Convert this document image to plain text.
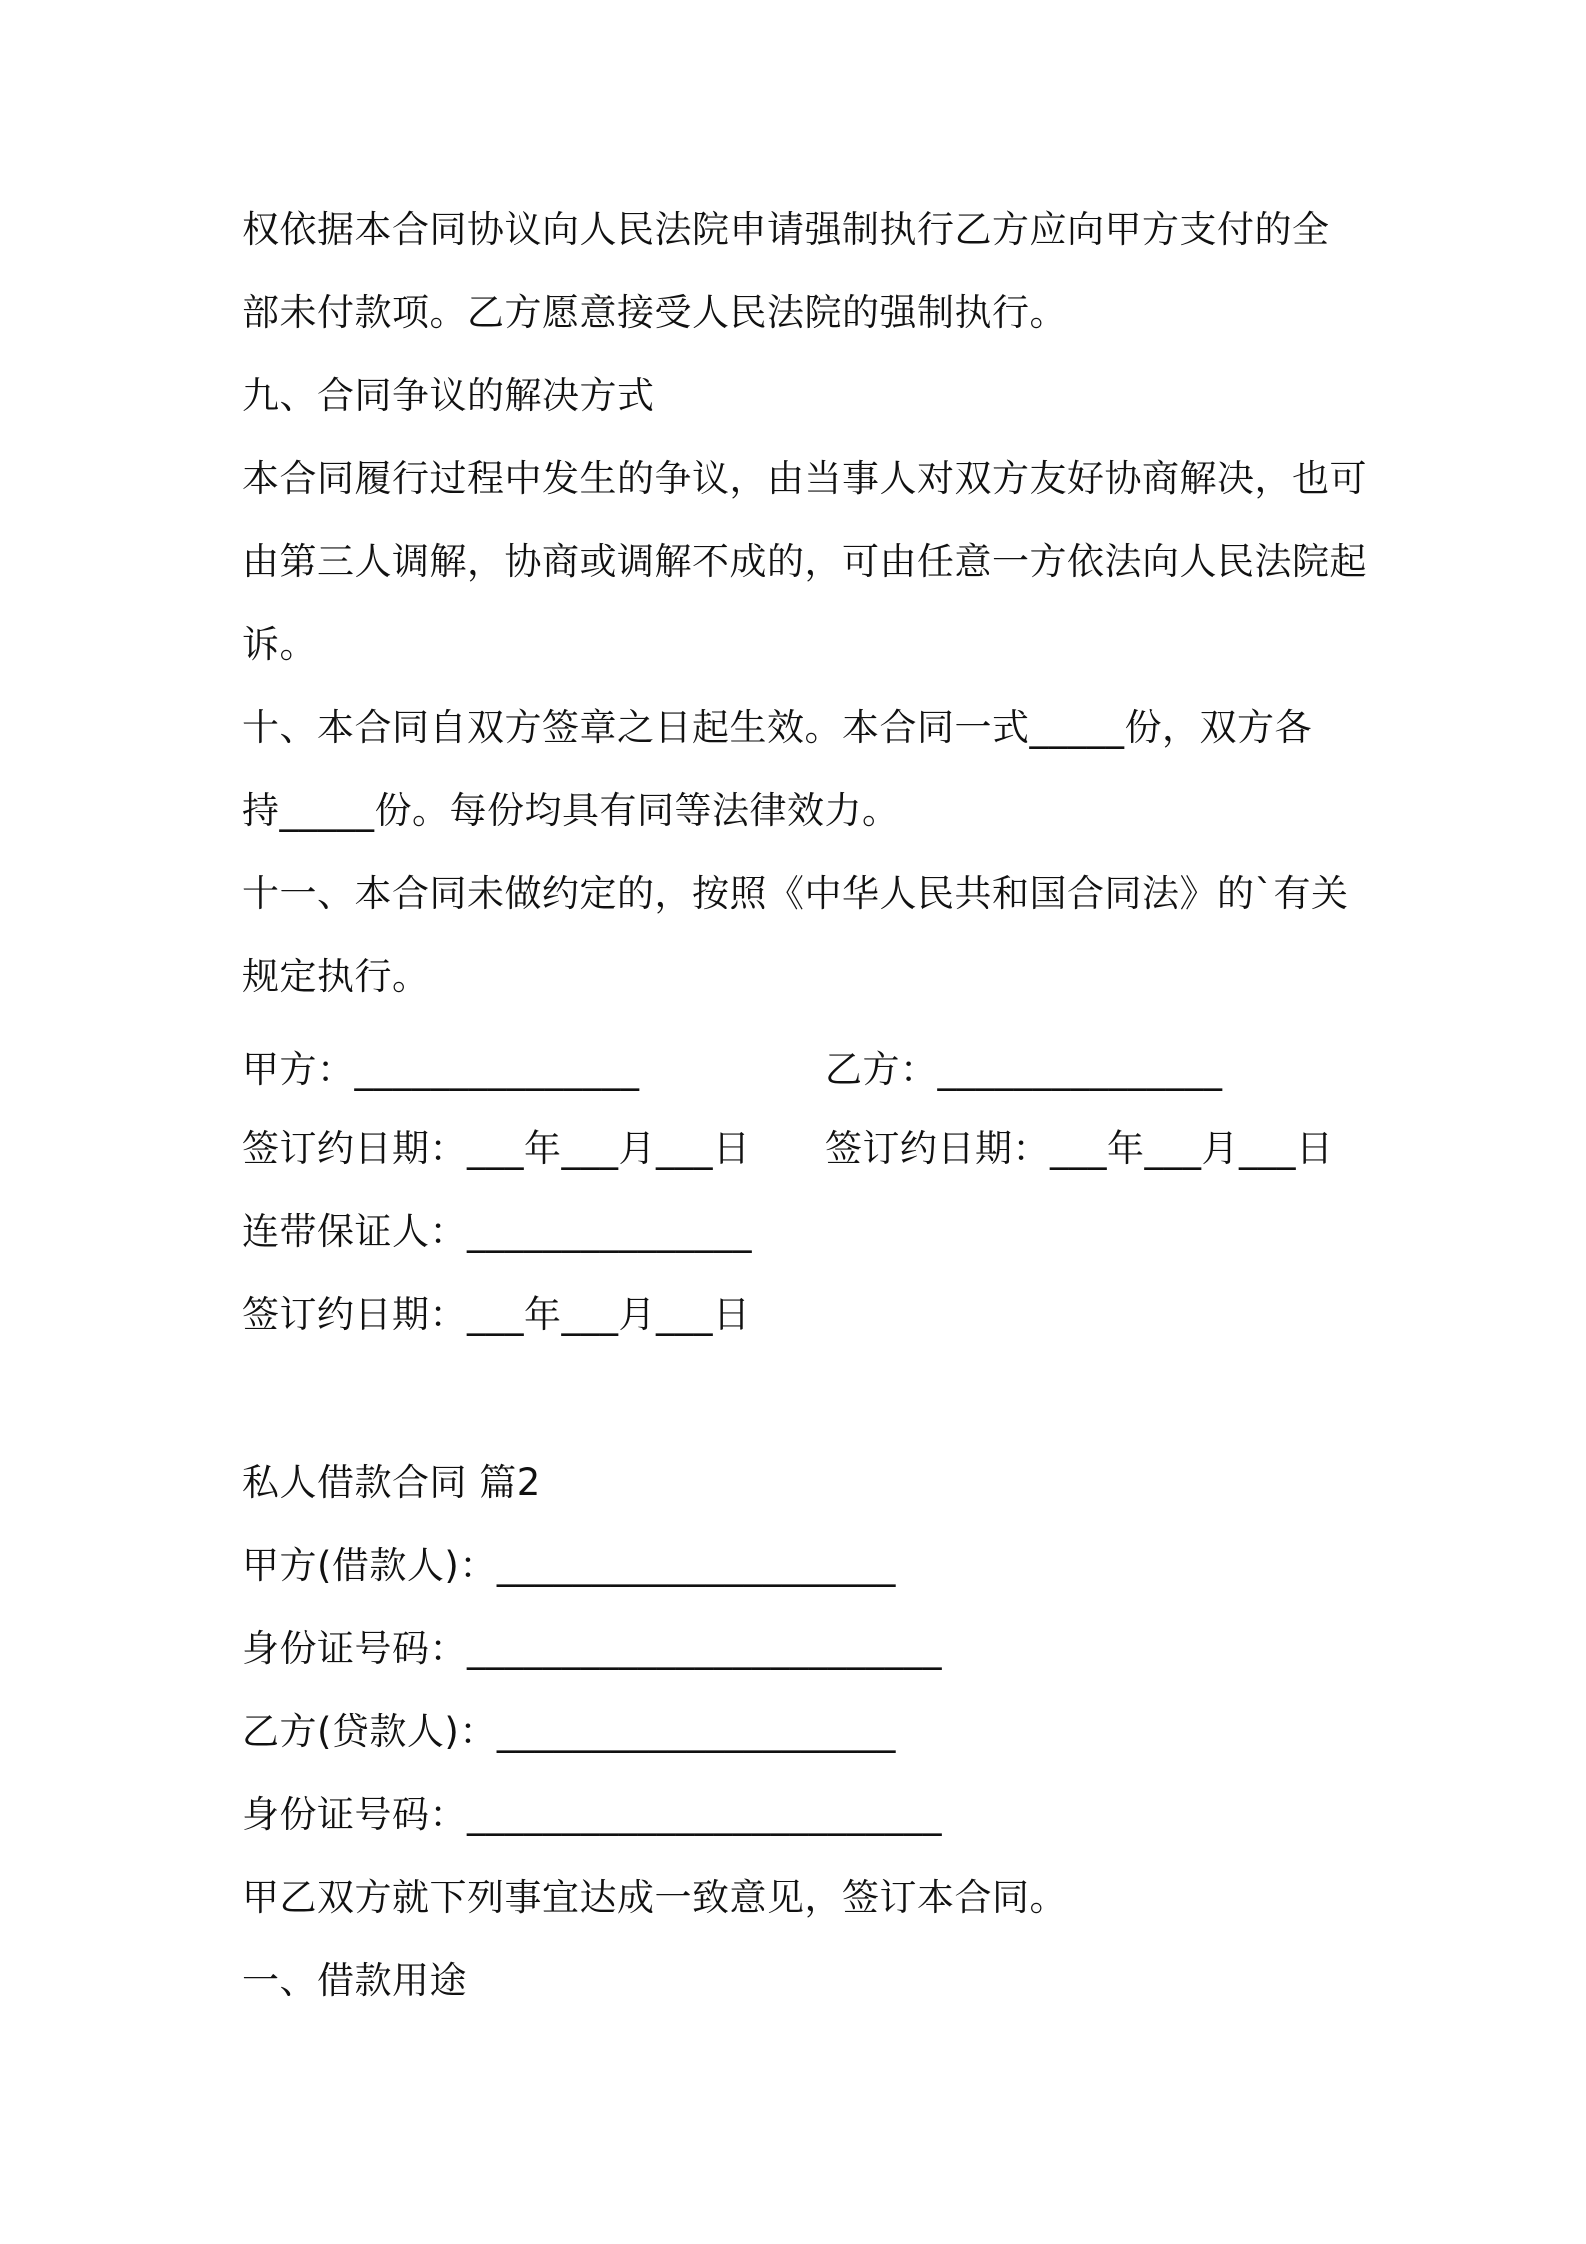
权依据本合同协议向人民法院申请强制执行乙方应向甲方支付的全

部未付款项。乙方愿意接受人民法院的强制执行。

九、合同争议的解决方式

本合同履行过程中发生的争议，由当事人对双方友好协商解决，也可

由第三人调解，协商或调解不成的，可由任意一方依法向人民法院起

诉。

十、本合同自双方签章之日起生效。本合同一式_____份，双方各

持_____份。每份均具有同等法律效力。

十一、本合同未做约定的，按照《中华人民共和国合同法》的`有关

规定执行。

甲方：_______________	乙方：_______________

签订约日期：___年___月___日 签订约日期：___年___月___日

连带保证人：_______________

签订约日期：___年___月___日

私人借款合同 篇2

甲方(借款人)：_____________________

身份证号码：_________________________

乙方(贷款人)：_____________________

身份证号码：_________________________

甲乙双方就下列事宜达成一致意见，签订本合同。

一、借款用途
